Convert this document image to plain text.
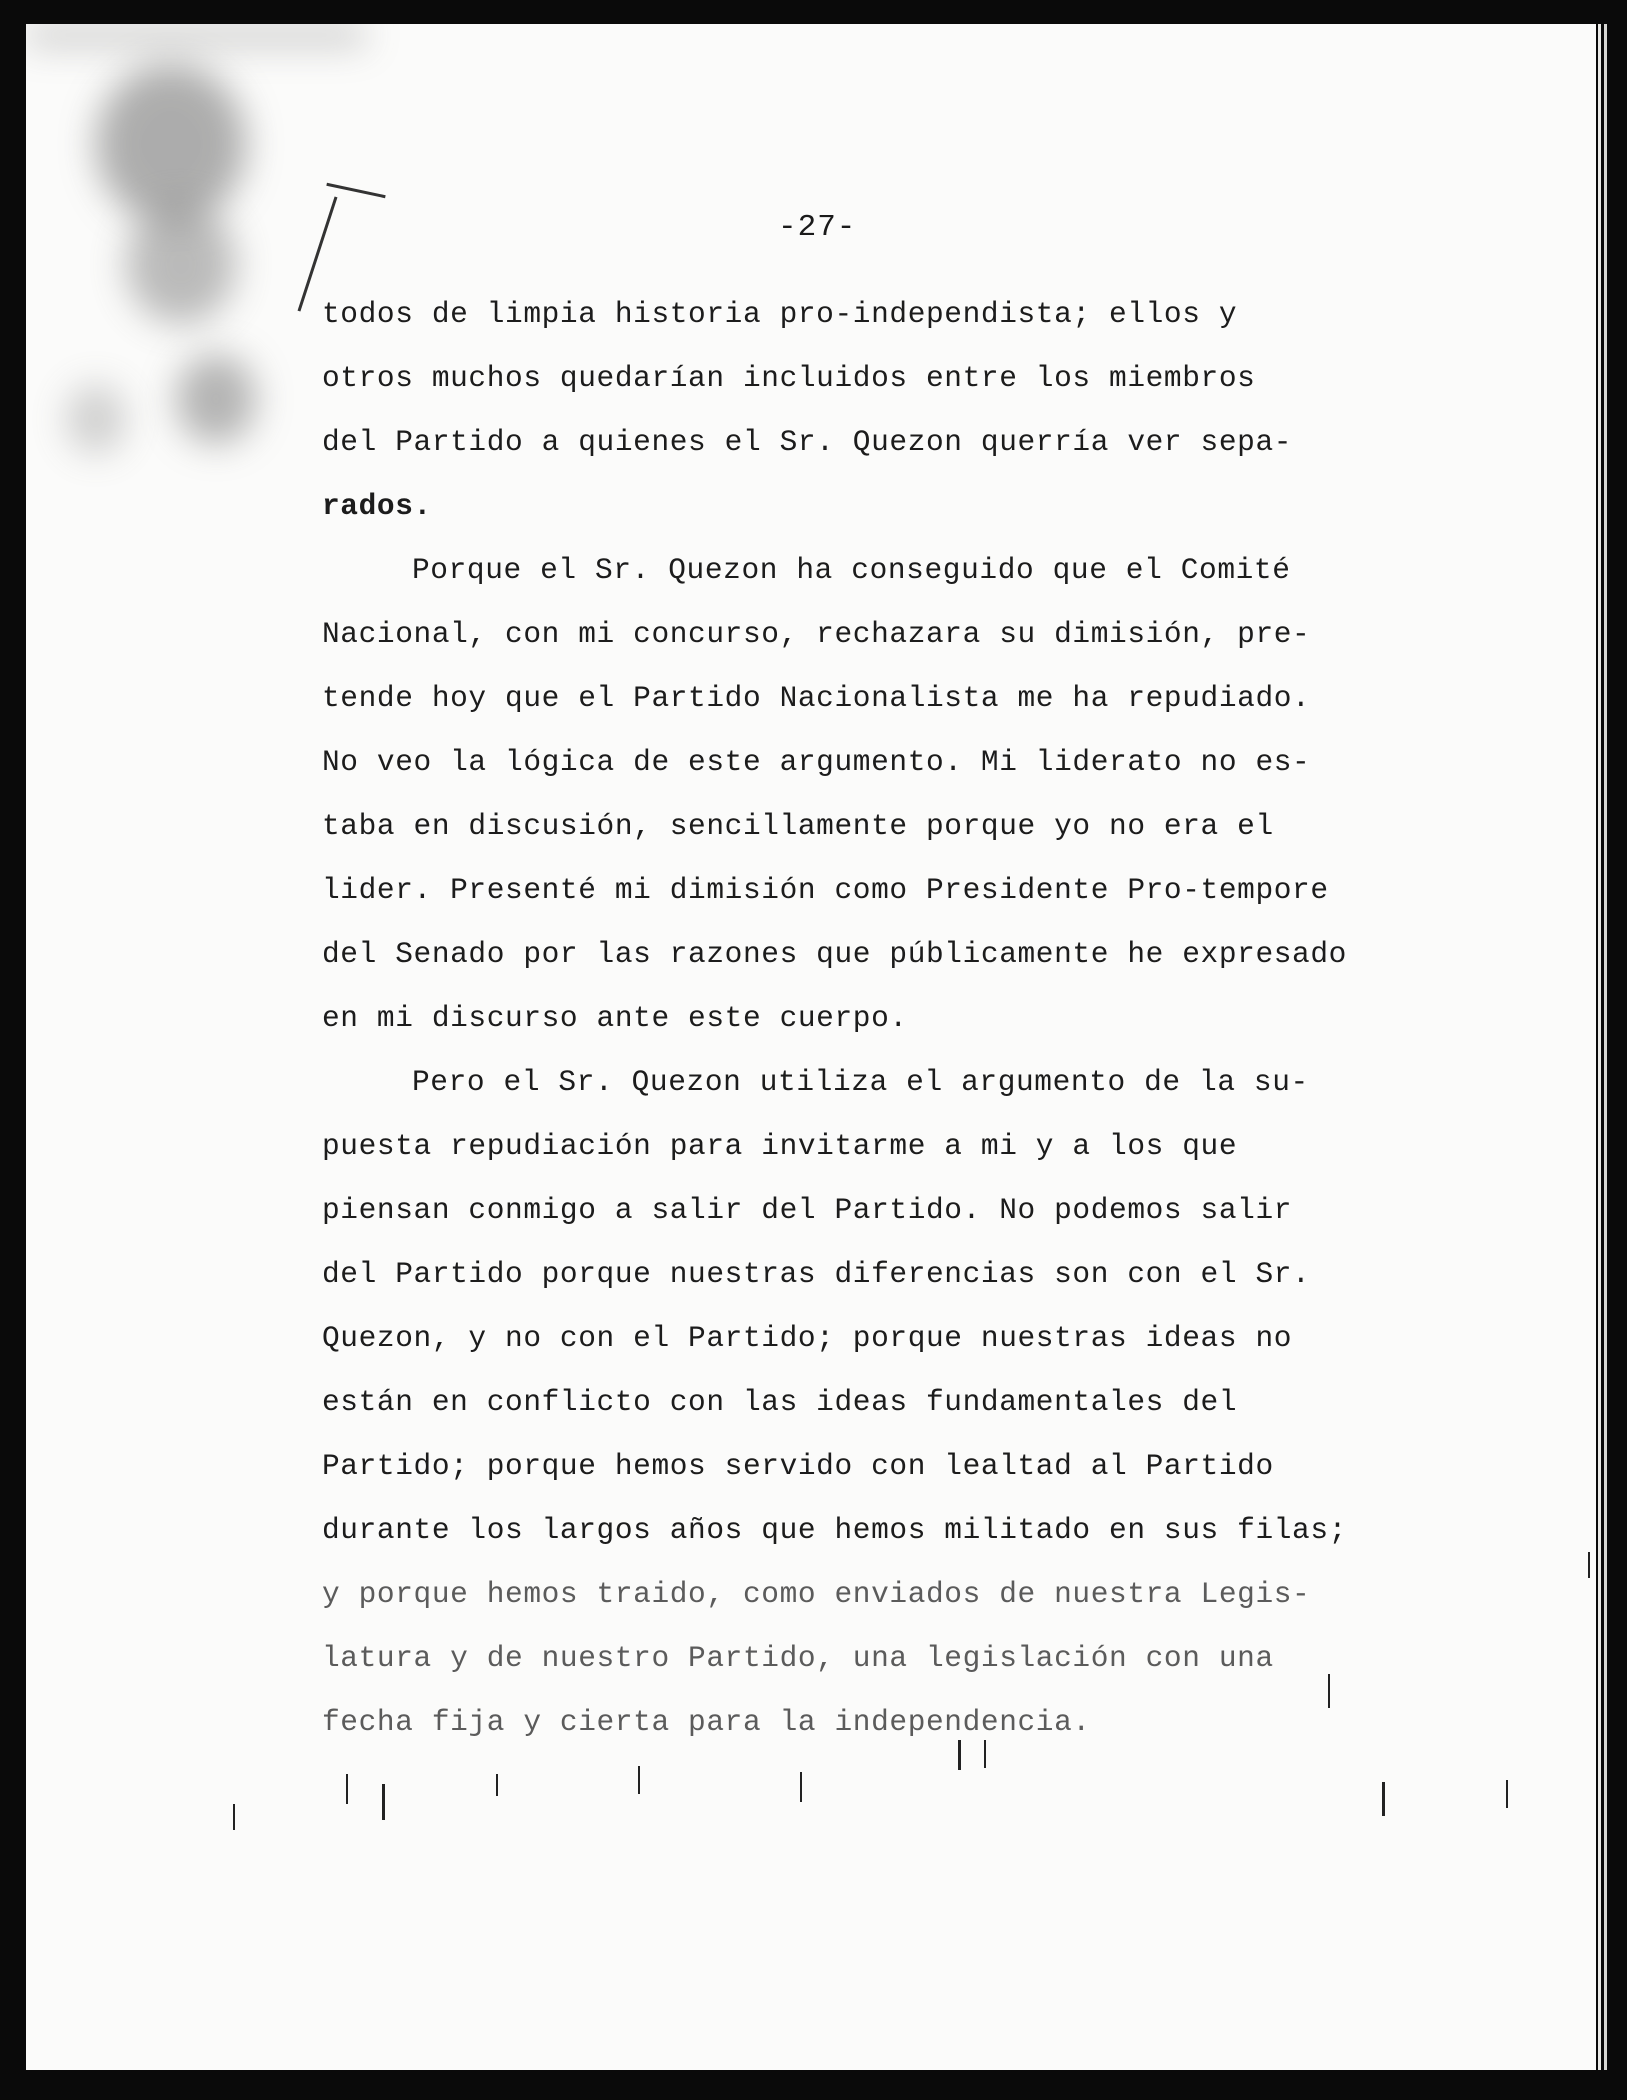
-27-
todos de limpia historia pro-independista; ellos y
otros muchos quedarían incluidos entre los miembros
del Partido a quienes el Sr. Quezon querría ver sepa-
rados.
Porque el Sr. Quezon ha conseguido que el Comité
Nacional, con mi concurso, rechazara su dimisión, pre-
tende hoy que el Partido Nacionalista me ha repudiado.
No veo la lógica de este argumento. Mi liderato no es-
taba en discusión, sencillamente porque yo no era el
lider. Presenté mi dimisión como Presidente Pro-tempore
del Senado por las razones que públicamente he expresado
en mi discurso ante este cuerpo.
Pero el Sr. Quezon utiliza el argumento de la su-
puesta repudiación para invitarme a mi y a los que
piensan conmigo a salir del Partido. No podemos salir
del Partido porque nuestras diferencias son con el Sr.
Quezon, y no con el Partido; porque nuestras ideas no
están en conflicto con las ideas fundamentales del
Partido; porque hemos servido con lealtad al Partido
durante los largos años que hemos militado en sus filas;
y porque hemos traido, como enviados de nuestra Legis-
latura y de nuestro Partido, una legislación con una
fecha fija y cierta para la independencia.
